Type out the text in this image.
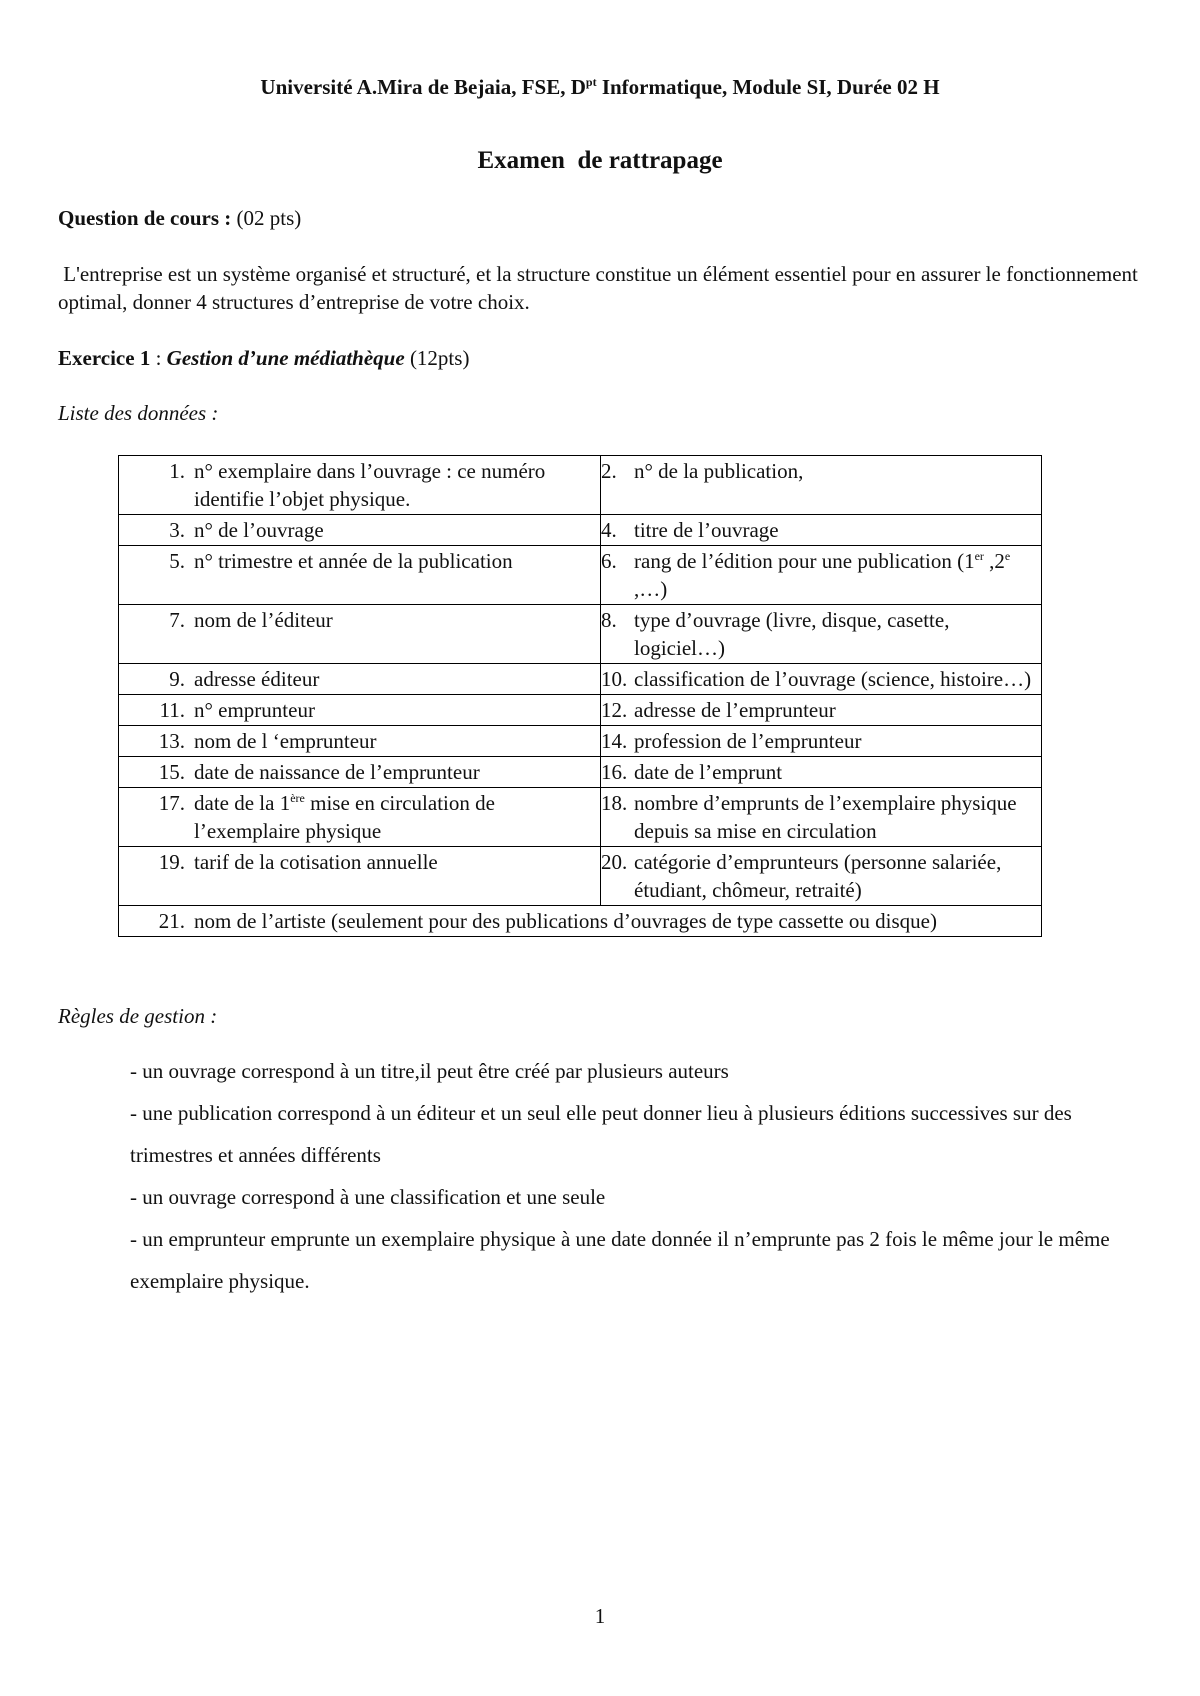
Université A.Mira de Bejaia, FSE, $D^{pt}$ Informatique, Module SI, Durée 02 H
Examen  de rattrapage
Question de cours : (02 pts)
L'entreprise est un système organisé et structuré, et la structure constitue un élément essentiel pour en assurer le fonctionnement optimal, donner 4 structures d’entreprise de votre choix.
Exercice 1 : Gestion d’une médiathèque (12pts)
Liste des données :
1. n° exemplaire dans l’ouvrage : ce numéro identifie l’objet physique.	2. n° de la publication,

3. n° de l’ouvrage	4. titre de l’ouvrage

5. n° trimestre et année de la publication	6. rang de l’édition pour une publication (1er ,2e ,…)

7. nom de l’éditeur	8. type d’ouvrage (livre, disque, casette, logiciel…)

9. adresse éditeur	10. classification de l’ouvrage (science, histoire…)

11. n° emprunteur	12. adresse de l’emprunteur

13. nom de l ‘emprunteur	14. profession de l’emprunteur

15. date de naissance de l’emprunteur	16. date de l’emprunt

17. date de la 1ère mise en circulation de l’exemplaire physique	18. nombre d’emprunts de l’exemplaire physique depuis sa mise en circulation

19. tarif de la cotisation annuelle	20. catégorie d’emprunteurs (personne salariée, étudiant, chômeur, retraité)

21. nom de l’artiste (seulement pour des publications d’ouvrages de type cassette ou disque)	
Règles de gestion :

- un ouvrage correspond à un titre,il peut être créé par plusieurs auteurs

- une publication correspond à un éditeur et un seul elle peut donner lieu à plusieurs éditions successives sur des trimestres et années différents

- un ouvrage correspond à une classification et une seule

- un emprunteur emprunte un exemplaire physique à une date donnée il n’emprunte pas 2 fois le même jour le même exemplaire physique.

1
